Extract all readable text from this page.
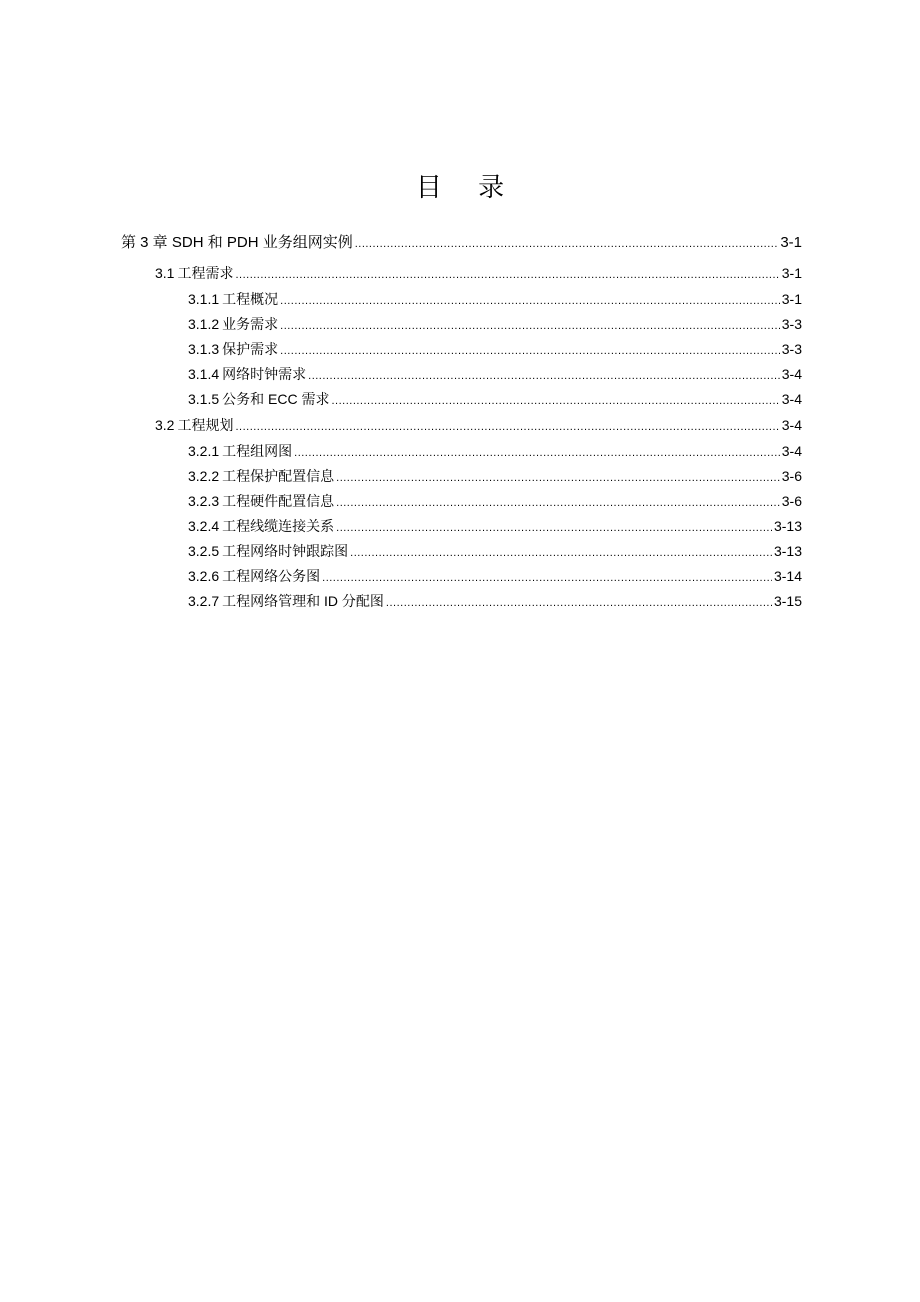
目 录
第 3 章 SDH 和 PDH 业务组网实例 .....	3-1
3.1 工程需求 .....	3-1
3.1.1 工程概况 .....	3-1
3.1.2 业务需求 .....	3-3
3.1.3 保护需求 .....	3-3
3.1.4 网络时钟需求 .....	3-4
3.1.5 公务和 ECC 需求 .....	3-4
3.2 工程规划 .....	3-4
3.2.1 工程组网图 .....	3-4
3.2.2 工程保护配置信息 .....	3-6
3.2.3 工程硬件配置信息 .....	3-6
3.2.4 工程线缆连接关系 .....	3-13
3.2.5 工程网络时钟跟踪图 .....	3-13
3.2.6 工程网络公务图 .....	3-14
3.2.7 工程网络管理和 ID 分配图 .....	3-15
